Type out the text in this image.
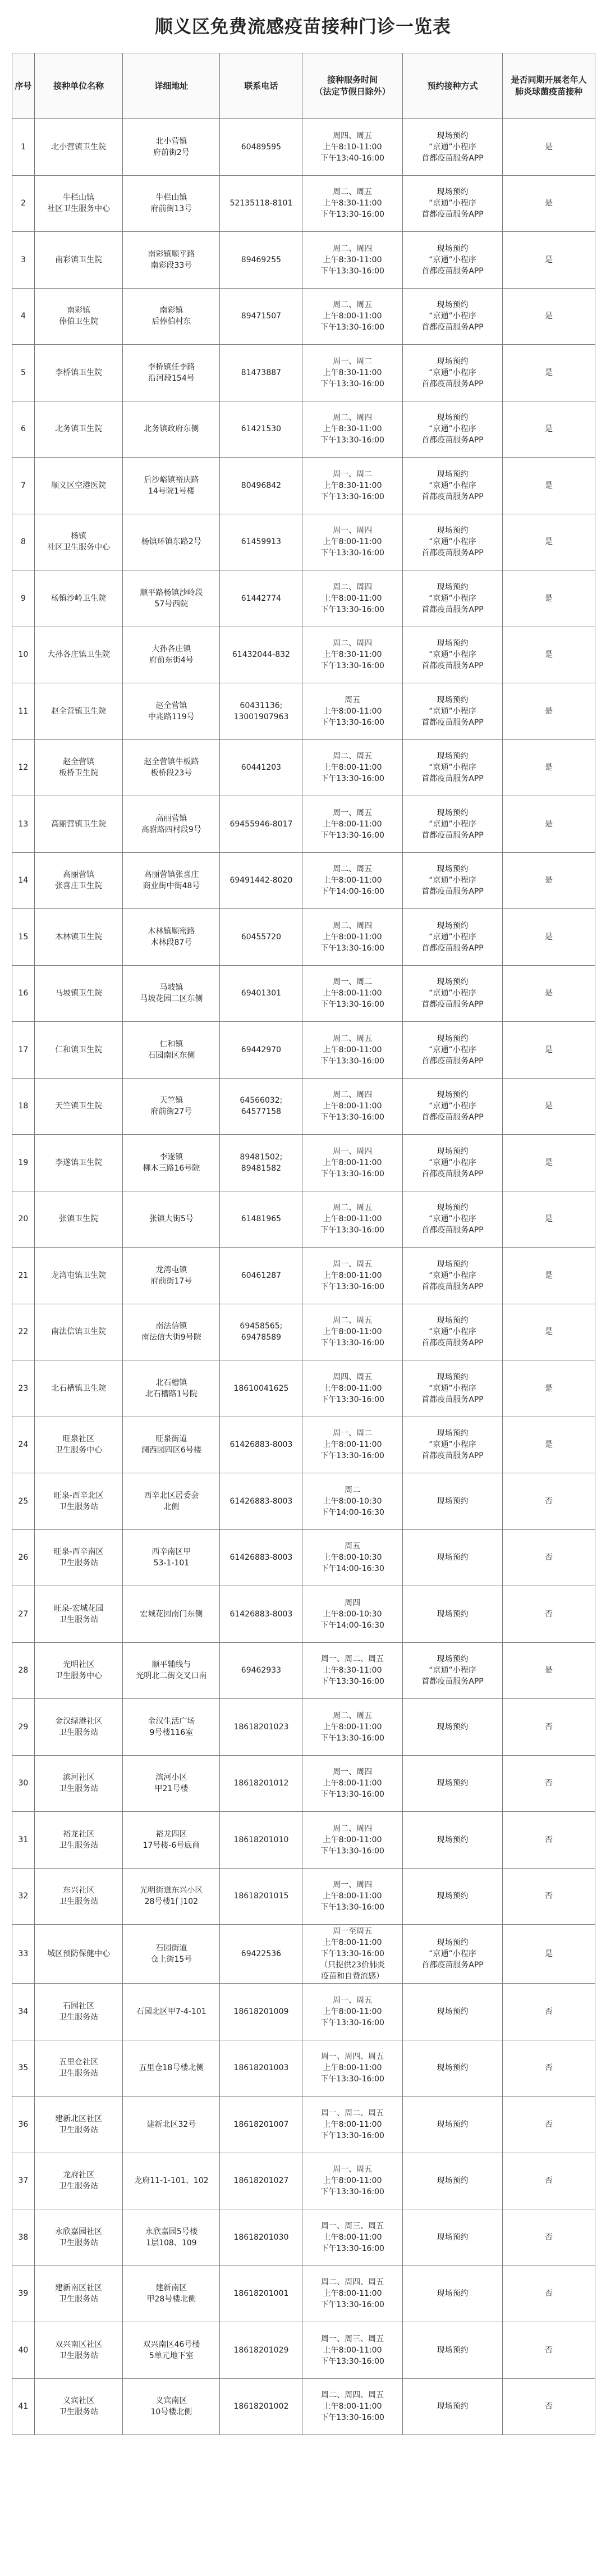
顺义区免费流感疫苗接种门诊一览表
序号	接种单位名称	详细地址	联系电话	接种服务时间
（法定节假日除外）	预约接种方式	是否同期开展老年人
肺炎球菌疫苗接种
1	北小营镇卫生院	北小营镇
府前街2号	60489595	周四、周五
上午8:10-11:00
下午13:40-16:00	现场预约
“京通”小程序
首都疫苗服务APP	是
2	牛栏山镇
社区卫生服务中心	牛栏山镇
府前街13号	52135118-8101	周二、周五
上午8:30-11:00
下午13:30-16:00	现场预约
“京通”小程序
首都疫苗服务APP	是
3	南彩镇卫生院	南彩镇顺平路
南彩段33号	89469255	周二、周四
上午8:30-11:00
下午13:30-16:00	现场预约
“京通”小程序
首都疫苗服务APP	是
4	南彩镇
俸伯卫生院	南彩镇
后俸伯村东	89471507	周二、周五
上午8:00-11:00
下午13:30-16:00	现场预约
“京通”小程序
首都疫苗服务APP	是
5	李桥镇卫生院	李桥镇任李路
沿河段154号	81473887	周一、周二
上午8:30-11:00
下午13:30-16:00	现场预约
“京通”小程序
首都疫苗服务APP	是
6	北务镇卫生院	北务镇政府东侧	61421530	周二、周四
上午8:30-11:00
下午13:30-16:00	现场预约
“京通”小程序
首都疫苗服务APP	是
7	顺义区空港医院	后沙峪镇裕庆路
14号院1号楼	80496842	周一、周二
上午8:30-11:00
下午13:30-16:00	现场预约
“京通”小程序
首都疫苗服务APP	是
8	杨镇
社区卫生服务中心	杨镇环镇东路2号	61459913	周一、周四
上午8:00-11:00
下午13:30-16:00	现场预约
“京通”小程序
首都疫苗服务APP	是
9	杨镇沙岭卫生院	顺平路杨镇沙岭段
57号西院	61442774	周二、周四
上午8:00-11:00
下午13:30-16:00	现场预约
“京通”小程序
首都疫苗服务APP	是
10	大孙各庄镇卫生院	大孙各庄镇
府前东街4号	61432044-832	周二、周四
上午8:30-11:00
下午13:30-16:00	现场预约
“京通”小程序
首都疫苗服务APP	是
11	赵全营镇卫生院	赵全营镇
中兆路119号	60431136;
13001907963	周五
上午8:00-11:00
下午13:30-16:00	现场预约
“京通”小程序
首都疫苗服务APP	是
12	赵全营镇
板桥卫生院	赵全营镇牛板路
板桥段23号	60441203	周二、周五
上午8:00-11:00
下午13:30-16:00	现场预约
“京通”小程序
首都疫苗服务APP	是
13	高丽营镇卫生院	高丽营镇
高驸路四村段9号	69455946-8017	周一、周五
上午8:00-11:00
下午13:30-16:00	现场预约
“京通”小程序
首都疫苗服务APP	是
14	高丽营镇
张喜庄卫生院	高丽营镇张喜庄
商业街中街48号	69491442-8020	周二、周五
上午8:00-11:00
下午14:00-16:00	现场预约
“京通”小程序
首都疫苗服务APP	是
15	木林镇卫生院	木林镇顺密路
木林段87号	60455720	周二、周四
上午8:00-11:00
下午13:30-16:00	现场预约
“京通”小程序
首都疫苗服务APP	是
16	马坡镇卫生院	马坡镇
马坡花园二区东侧	69401301	周一、周二
上午8:00-11:00
下午13:30-16:00	现场预约
“京通”小程序
首都疫苗服务APP	是
17	仁和镇卫生院	仁和镇
石园南区东侧	69442970	周二、周五
上午8:00-11:00
下午13:30-16:00	现场预约
“京通”小程序
首都疫苗服务APP	是
18	天竺镇卫生院	天竺镇
府前街27号	64566032;
64577158	周二、周四
上午8:00-11:00
下午13:30-16:00	现场预约
“京通”小程序
首都疫苗服务APP	是
19	李遂镇卫生院	李遂镇
柳木三路16号院	89481502;
89481582	周一、周四
上午8:00-11:00
下午13:30-16:00	现场预约
“京通”小程序
首都疫苗服务APP	是
20	张镇卫生院	张镇大街5号	61481965	周二、周五
上午8:00-11:00
下午13:30-16:00	现场预约
“京通”小程序
首都疫苗服务APP	是
21	龙湾屯镇卫生院	龙湾屯镇
府前街17号	60461287	周一、周五
上午8:00-11:00
下午13:30-16:00	现场预约
“京通”小程序
首都疫苗服务APP	是
22	南法信镇卫生院	南法信镇
南法信大街9号院	69458565;
69478589	周二、周五
上午8:00-11:00
下午13:30-16:00	现场预约
“京通”小程序
首都疫苗服务APP	是
23	北石槽镇卫生院	北石槽镇
北石槽路1号院	18610041625	周四、周五
上午8:00-11:00
下午13:30-16:00	现场预约
“京通”小程序
首都疫苗服务APP	是
24	旺泉社区
卫生服务中心	旺泉街道
澜西园四区6号楼	61426883-8003	周一、周二
上午8:00-11:00
下午13:30-16:00	现场预约
“京通”小程序
首都疫苗服务APP	是
25	旺泉-西辛北区
卫生服务站	西辛北区居委会
北侧	61426883-8003	周二
上午8:00-10:30
下午14:00-16:30	现场预约	否
26	旺泉-西辛南区
卫生服务站	西辛南区甲
53-1-101	61426883-8003	周五
上午8:00-10:30
下午14:00-16:30	现场预约	否
27	旺泉-宏城花园
卫生服务站	宏城花园南门东侧	61426883-8003	周四
上午8:00-10:30
下午14:00-16:30	现场预约	否
28	光明社区
卫生服务中心	顺平辅线与
光明北二街交叉口南	69462933	周一、周二、周五
上午8:30-11:00
下午13:30-16:00	现场预约
“京通”小程序
首都疫苗服务APP	是
29	金汉绿港社区
卫生服务站	金汉生活广场
9号楼116室	18618201023	周二、周五
上午8:00-11:00
下午13:30-16:00	现场预约	否
30	滨河社区
卫生服务站	滨河小区
甲21号楼	18618201012	周一、周四
上午8:00-11:00
下午13:30-16:00	现场预约	否
31	裕龙社区
卫生服务站	裕龙四区
17号楼-6号底商	18618201010	周二、周四
上午8:00-11:00
下午13:30-16:00	现场预约	否
32	东兴社区
卫生服务站	光明街道东兴小区
28号楼1门102	18618201015	周一、周四
上午8:00-11:00
下午13:30-16:00	现场预约	否
33	城区预防保健中心	石园街道
仓上街15号	69422536	周一至周五
上午8:00-11:00
下午13:30-16:00
（只提供23价肺炎
疫苗和自费流感）	现场预约
“京通”小程序
首都疫苗服务APP	是
34	石园社区
卫生服务站	石园北区甲7-4-101	18618201009	周一、周五
上午8:00-11:00
下午13:30-16:00	现场预约	否
35	五里仓社区
卫生服务站	五里仓18号楼北侧	18618201003	周一、周四、周五
上午8:00-11:00
下午13:30-16:00	现场预约	否
36	建新北区社区
卫生服务站	建新北区32号	18618201007	周一、周二、周五
上午8:00-11:00
下午13:30-16:00	现场预约	否
37	龙府社区
卫生服务站	龙府11-1-101、102	18618201027	周一、周五
上午8:00-11:00
下午13:30-16:00	现场预约	否
38	永欣嘉园社区
卫生服务站	永欣嘉园5号楼
1层108、109	18618201030	周一、周三、周五
上午8:00-11:00
下午13:30-16:00	现场预约	否
39	建新南区社区
卫生服务站	建新南区
甲28号楼北侧	18618201001	周二、周四、周五
上午8:00-11:00
下午13:30-16:00	现场预约	否
40	双兴南区社区
卫生服务站	双兴南区46号楼
5单元地下室	18618201029	周一、周三、周五
上午8:00-11:00
下午13:30-16:00	现场预约	否
41	义宾社区
卫生服务站	义宾南区
10号楼北侧	18618201002	周二、周四、周五
上午8:00-11:00
下午13:30-16:00	现场预约	否
